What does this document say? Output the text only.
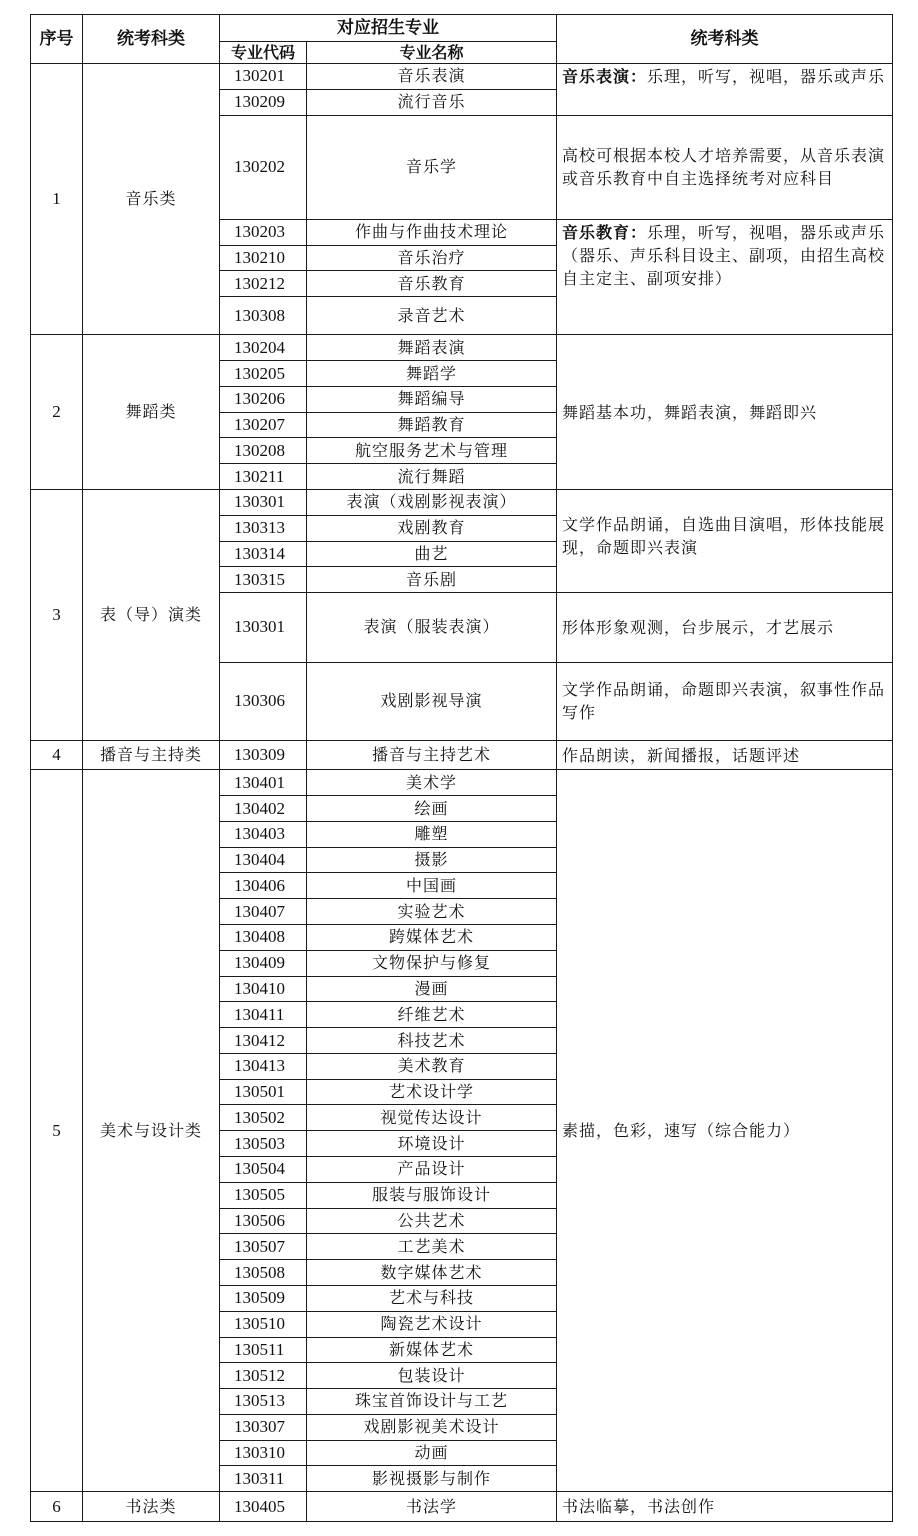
序号	统考科类	对应招生专业		统考科类
		专业代码	专业名称	
1	音乐类	130201	音乐表演	音乐表演：乐理，听写，视唱，器乐或声乐
		130209	流行音乐	
		130202	音乐学	高校可根据本校人才培养需要，从音乐表演或音乐教育中自主选择统考对应科目
		130203	作曲与作曲技术理论	音乐教育：乐理，听写，视唱，器乐或声乐（器乐、声乐科目设主、副项，由招生高校自主定主、副项安排）
		130210	音乐治疗	
		130212	音乐教育	
		130308	录音艺术	
2	舞蹈类	130204	舞蹈表演	舞蹈基本功，舞蹈表演，舞蹈即兴
		130205	舞蹈学	
		130206	舞蹈编导	
		130207	舞蹈教育	
		130208	航空服务艺术与管理	
		130211	流行舞蹈	
3	表（导）演类	130301	表演（戏剧影视表演）	文学作品朗诵，自选曲目演唱，形体技能展现，命题即兴表演
		130313	戏剧教育	
		130314	曲艺	
		130315	音乐剧	
		130301	表演（服装表演）	形体形象观测，台步展示，才艺展示
		130306	戏剧影视导演	文学作品朗诵，命题即兴表演，叙事性作品写作
4	播音与主持类	130309	播音与主持艺术	作品朗读，新闻播报，话题评述
5	美术与设计类	130401	美术学	素描，色彩，速写（综合能力）
		130402	绘画	
		130403	雕塑	
		130404	摄影	
		130406	中国画	
		130407	实验艺术	
		130408	跨媒体艺术	
		130409	文物保护与修复	
		130410	漫画	
		130411	纤维艺术	
		130412	科技艺术	
		130413	美术教育	
		130501	艺术设计学	
		130502	视觉传达设计	
		130503	环境设计	
		130504	产品设计	
		130505	服装与服饰设计	
		130506	公共艺术	
		130507	工艺美术	
		130508	数字媒体艺术	
		130509	艺术与科技	
		130510	陶瓷艺术设计	
		130511	新媒体艺术	
		130512	包装设计	
		130513	珠宝首饰设计与工艺	
		130307	戏剧影视美术设计	
		130310	动画	
		130311	影视摄影与制作	
6	书法类	130405	书法学	书法临摹，书法创作
